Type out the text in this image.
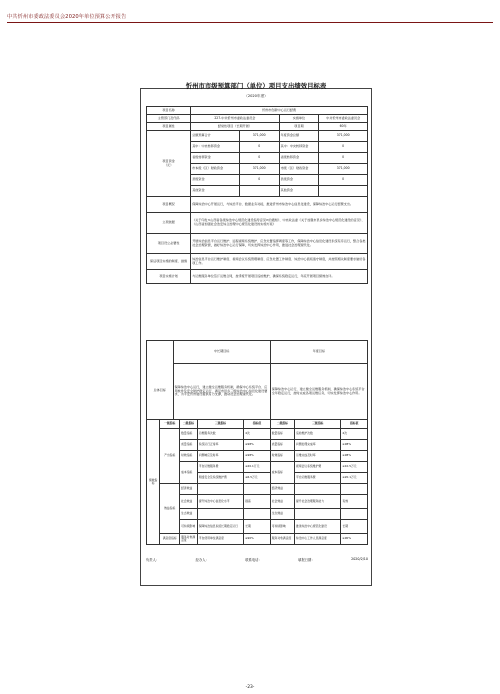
中共忻州市委政法委员会2020年单位预算公开报告
忻州市市级预算部门（单位）项目支出绩效目标表
（2020年度）
项目名称	忻州市创新中心运行经费		
主管部门及代码	227-中共忻州市委政法委员会	实施单位	中共忻州市委政法委员会
项目属性	经常性项目（长期开展）	项目期	60年
项目资金
（元）	总额预算合计	371,000	年度资金总额	371,000
	其中：中央转移资金	0	其中：中央转移资金	0
	省级转移资金	0	省级转移资金	0
	市本级（区）财政资金	371,000	市级（区）财政资金	371,000
	县级资金	0	县级资金	0
	其他资金		其他资金	
项目概况	保障综治中心开展运行，与综治平台、数据业务对接，推进忻州市综治中心信息化建设，保障综治中心运行经费支出。
立项依据	《关于印发<山西省各级综治中心规范化建设指导意见>的通知》、中央政法委《关于加强市县乡综治中心规范化建设的意见》、《山西省加强社会治安综合治理中心规范化建设的实施方案》
项目设立必要性	开展综治信息平台运行维护、远程视频系统维护、应急处置指挥调度等工作，保障综治中心信息化建设系统有序运行，整合各类社会治理资源，做好综治中心运行保障，切实发挥综治中心作用，推进社会治理现代化。
保证项目实施的制度、措施	综治信息平台运行维护制度、视频会议系统管理制度、应急处置工作制度、综治中心值班值守制度，并按照相关制度要求做好各项工作。
项目实施计划	与运维服务单位签订运维合同，按季度开展项目巡检维护，确保系统稳定运行，年底开展项目绩效自评。
	中长期目标	年度目标
总体目标	保障综治中心运行，建立健全运维服务机制，确保中心系统平台、应用软件及安全防护稳定运行，满足市县乡三级综治中心信息化建设要求，为平安忻州建设提供有力支撑，推动社会治理现代化。	保障综治中心运行，建立健全运维服务机制，确保综治中心系统平台全年稳定运行，按时完成各项运维任务，切实发挥综治中心作用。
绩效指标	一级指标	二级指标	三级指标	指标值	二级指标	三级指标	指标值
	产出指标	数量指标	运维服务次数	4次	数量指标	巡检维护次数	4次
		质量指标	系统运行正常率	≥98%	质量指标	问题处理完成率	≥98%
		时效指标	问题响应及时率	≥98%	时效指标	运维完成及时率	≥98%
		成本指标	平台运维服务费	≤20.1万元	成本指标	视频会议系统维护费	≤10.5万元
			网络安全及系统维护费	≤6.5万元		平台运维服务费	≤20.1万元
	效益指标	经济效益			经济效益		
		社会效益	提升综治中心信息化水平	提高	社会效益	提升社会治理服务能力	有效
		生态效益			生态效益		
		可持续影响	保障综治信息系统长期稳定运行	长期	可持续影响	推进综治中心规范化建设	长期
	满意度指标	服务对象满意度	平台使用单位满意度	≥90%	服务对象满意度	综治中心工作人员满意度	≥90%
负责人：	经办人：	联系电话：	填报日期：	2020/2/10
-23-
